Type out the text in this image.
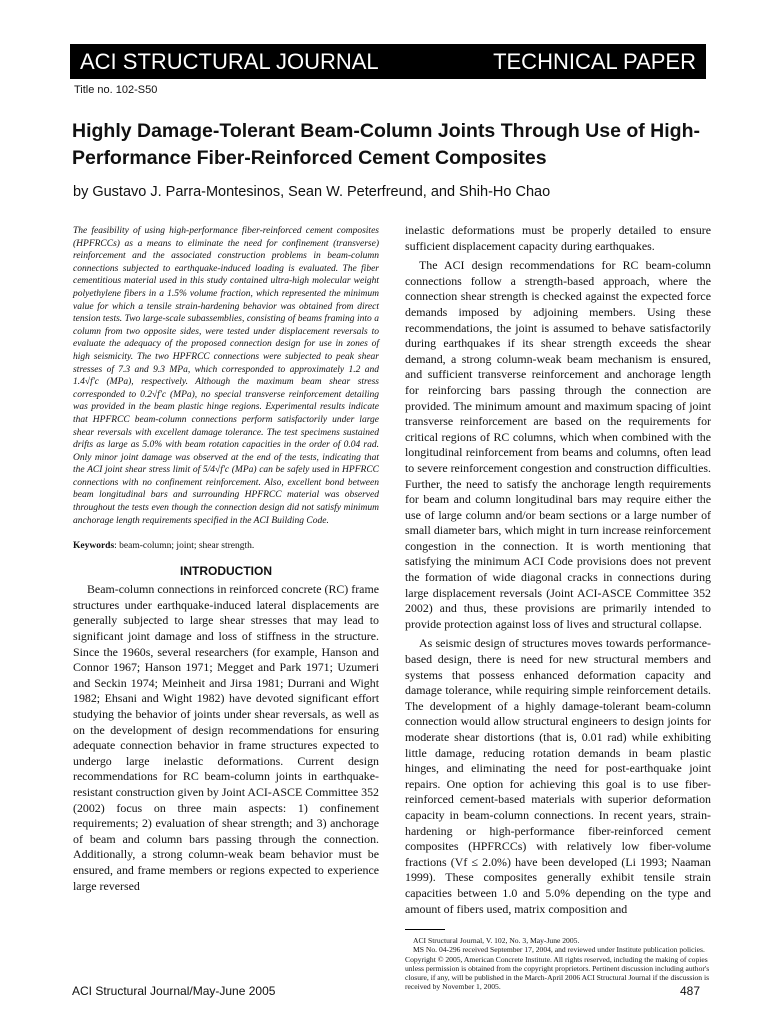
ACI STRUCTURAL JOURNAL	TECHNICAL PAPER
Title no. 102-S50
Highly Damage-Tolerant Beam-Column Joints Through Use of High-Performance Fiber-Reinforced Cement Composites
by Gustavo J. Parra-Montesinos, Sean W. Peterfreund, and Shih-Ho Chao

The feasibility of using high-performance fiber-reinforced cement composites (HPFRCCs) as a means to eliminate the need for confinement (transverse) reinforcement and the associated construction problems in beam-column connections subjected to earthquake-induced loading is evaluated. The fiber cementitious material used in this study contained ultra-high molecular weight polyethylene fibers in a 1.5% volume fraction, which represented the minimum value for which a tensile strain-hardening behavior was obtained from direct tension tests. Two large-scale subassemblies, consisting of beams framing into a column from two opposite sides, were tested under displacement reversals to evaluate the adequacy of the proposed connection design for use in zones of high seismicity. The two HPFRCC connections were subjected to peak shear stresses of 7.3 and 9.3 MPa, which corresponded to approximately 1.2 and 1.4√f′c (MPa), respectively. Although the maximum beam shear stress corresponded to 0.2√f′c (MPa), no special transverse reinforcement detailing was provided in the beam plastic hinge regions. Experimental results indicate that HPFRCC beam-column connections perform satisfactorily under large shear reversals with excellent damage tolerance. The test specimens sustained drifts as large as 5.0% with beam rotation capacities in the order of 0.04 rad. Only minor joint damage was observed at the end of the tests, indicating that the ACI joint shear stress limit of 5/4√f′c (MPa) can be safely used in HPFRCC connections with no confinement reinforcement. Also, excellent bond between beam longitudinal bars and surrounding HPFRCC material was observed throughout the tests even though the connection design did not satisfy minimum anchorage length requirements specified in the ACI Building Code.

Keywords: beam-column; joint; shear strength.

INTRODUCTION

Beam-column connections in reinforced concrete (RC) frame structures under earthquake-induced lateral displacements are generally subjected to large shear stresses that may lead to significant joint damage and loss of stiffness in the structure. Since the 1960s, several researchers (for example, Hanson and Connor 1967; Hanson 1971; Megget and Park 1971; Uzumeri and Seckin 1974; Meinheit and Jirsa 1981; Durrani and Wight 1982; Ehsani and Wight 1982) have devoted significant effort studying the behavior of joints under shear reversals, as well as on the development of design recommendations for ensuring adequate connection behavior in frame structures expected to undergo large inelastic deformations. Current design recommendations for RC beam-column joints in earthquake-resistant construction given by Joint ACI-ASCE Committee 352 (2002) focus on three main aspects: 1) confinement requirements; 2) evaluation of shear strength; and 3) anchorage of beam and column bars passing through the connection. Additionally, a strong column-weak beam behavior must be ensured, and frame members or regions expected to experience large reversed

inelastic deformations must be properly detailed to ensure sufficient displacement capacity during earthquakes.

The ACI design recommendations for RC beam-column connections follow a strength-based approach, where the connection shear strength is checked against the expected force demands imposed by adjoining members. Using these recommendations, the joint is assumed to behave satisfactorily during earthquakes if its shear strength exceeds the shear demand, a strong column-weak beam mechanism is ensured, and sufficient transverse reinforcement and anchorage length for reinforcing bars passing through the connection are provided. The minimum amount and maximum spacing of joint transverse reinforcement are based on the requirements for critical regions of RC columns, which when combined with the longitudinal reinforcement from beams and columns, often lead to severe reinforcement congestion and construction difficulties. Further, the need to satisfy the anchorage length requirements for beam and column longitudinal bars may require either the use of large column and/or beam sections or a large number of small diameter bars, which might in turn increase reinforcement congestion in the connection. It is worth mentioning that satisfying the minimum ACI Code provisions does not prevent the formation of wide diagonal cracks in connections during large displacement reversals (Joint ACI-ASCE Committee 352 2002) and thus, these provisions are primarily intended to provide protection against loss of lives and structural collapse.

As seismic design of structures moves towards performance-based design, there is need for new structural members and systems that possess enhanced deformation capacity and damage tolerance, while requiring simple reinforcement details. The development of a highly damage-tolerant beam-column connection would allow structural engineers to design joints for moderate shear distortions (that is, 0.01 rad) while exhibiting little damage, reducing rotation demands in beam plastic hinges, and eliminating the need for post-earthquake joint repairs. One option for achieving this goal is to use fiber-reinforced cement-based materials with superior deformation capacity in beam-column connections. In recent years, strain-hardening or high-performance fiber-reinforced cement composites (HPFRCCs) with relatively low fiber-volume fractions (Vf ≤ 2.0%) have been developed (Li 1993; Naaman 1999). These composites generally exhibit tensile strain capacities between 1.0 and 5.0% depending on the type and amount of fibers used, matrix composition and

ACI Structural Journal, V. 102, No. 3, May-June 2005.

MS No. 04-296 received September 17, 2004, and reviewed under Institute publication policies. Copyright © 2005, American Concrete Institute. All rights reserved, including the making of copies unless permission is obtained from the copyright proprietors. Pertinent discussion including author's closure, if any, will be published in the March-April 2006 ACI Structural Journal if the discussion is received by November 1, 2005.

ACI Structural Journal/May-June 2005	487
